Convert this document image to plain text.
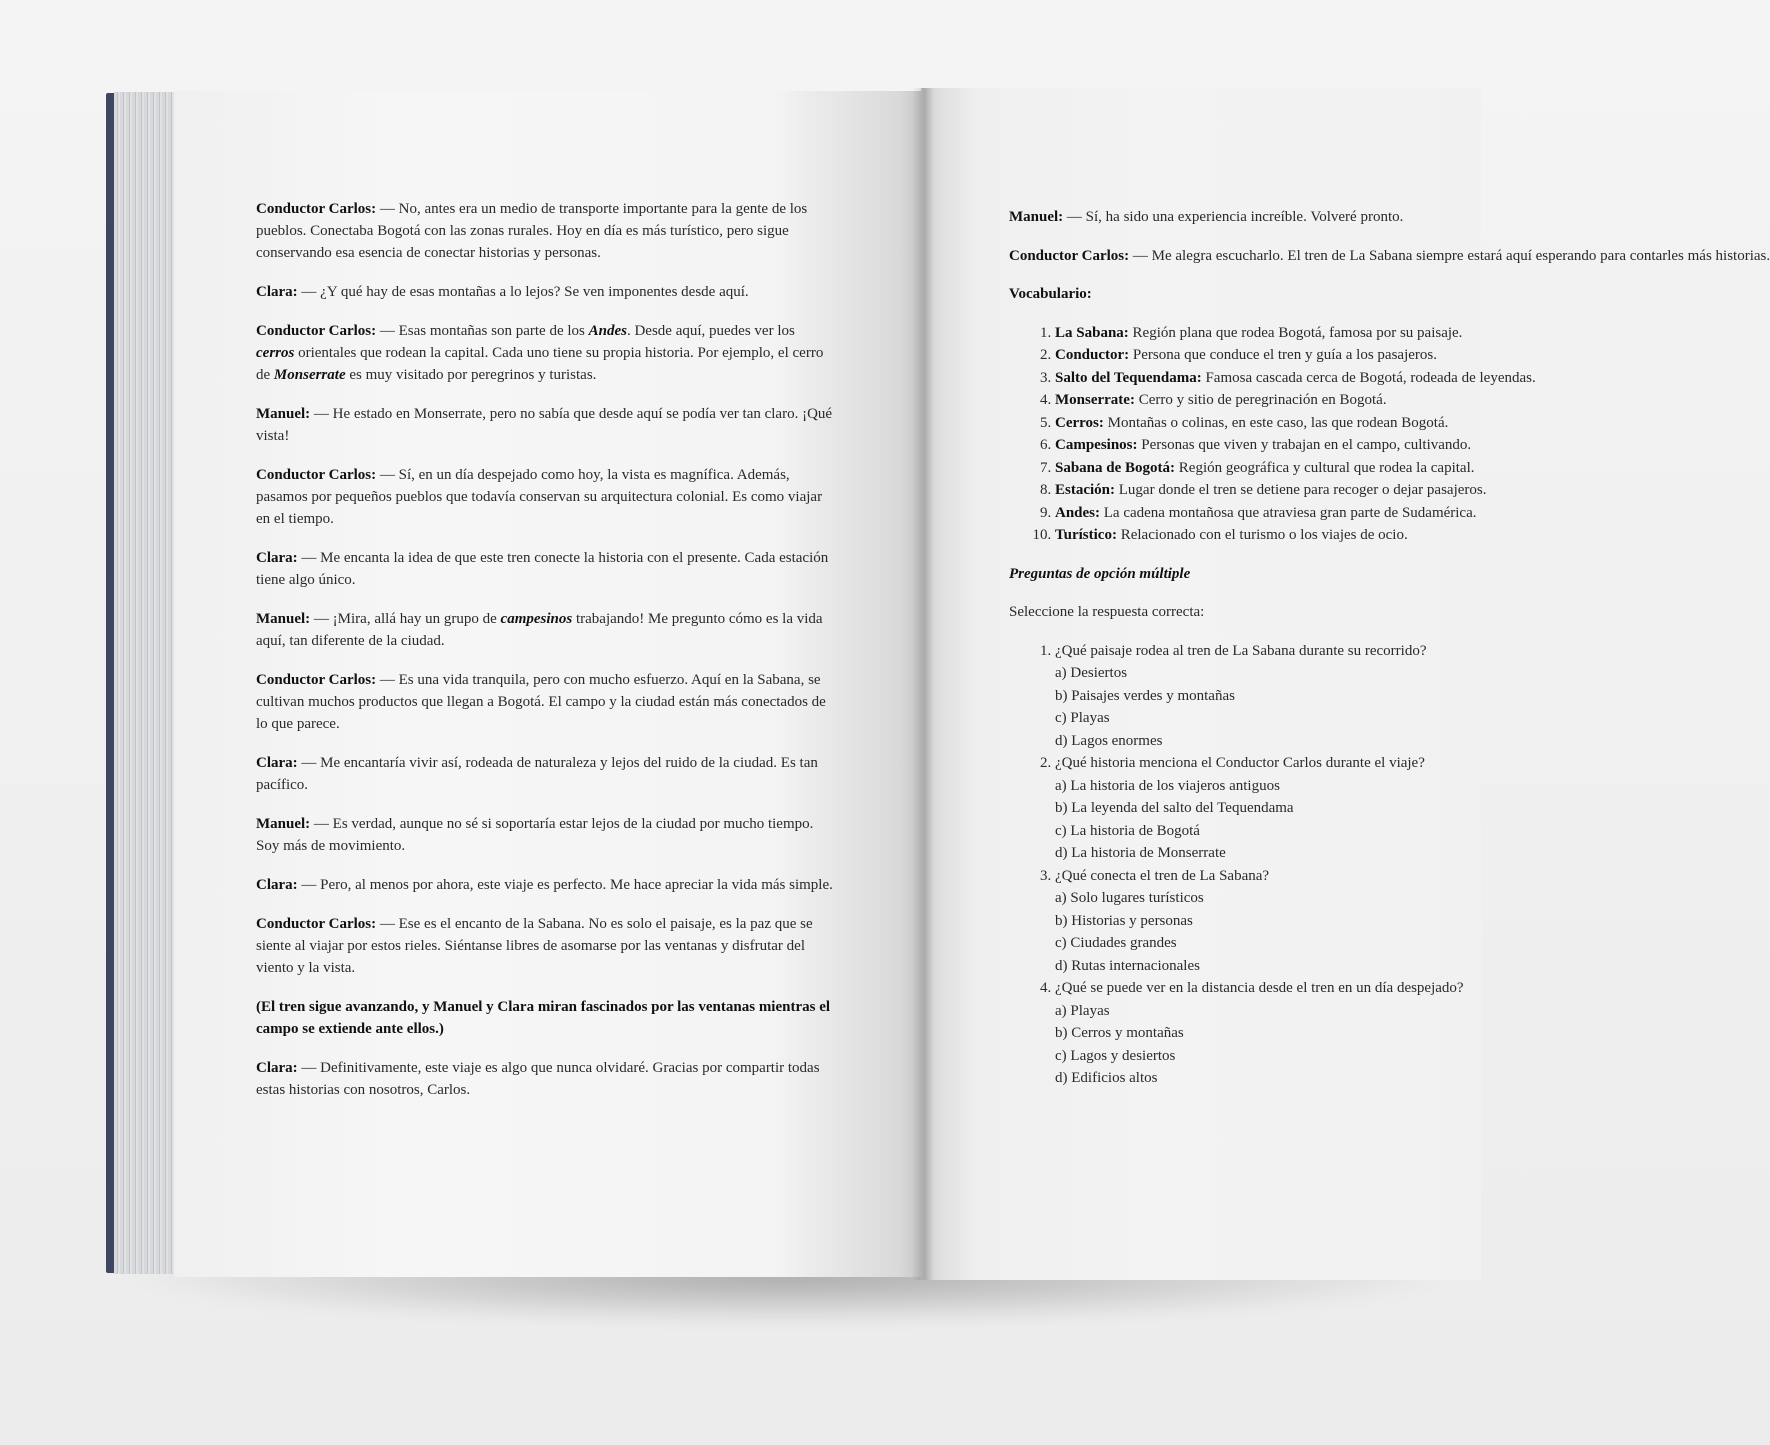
Manuel: — Sí, ha sido una experiencia increíble. Volveré pronto.

Conductor Carlos: — Me alegra escucharlo. El tren de La Sabana siempre estará aquí esperando para contarles más historias.

Vocabulario:

1. La Sabana: Región plana que rodea Bogotá, famosa por su paisaje.
2. Conductor: Persona que conduce el tren y guía a los pasajeros.
3. Salto del Tequendama: Famosa cascada cerca de Bogotá, rodeada de leyendas.
4. Monserrate: Cerro y sitio de peregrinación en Bogotá.
5. Cerros: Montañas o colinas, en este caso, las que rodean Bogotá.
6. Campesinos: Personas que viven y trabajan en el campo, cultivando.
7. Sabana de Bogotá: Región geográfica y cultural que rodea la capital.
8. Estación: Lugar donde el tren se detiene para recoger o dejar pasajeros.
9. Andes: La cadena montañosa que atraviesa gran parte de Sudamérica.
10. Turístico: Relacionado con el turismo o los viajes de ocio.

Preguntas de opción múltiple

Seleccione la respuesta correcta:

1. ¿Qué paisaje rodea al tren de La Sabana durante su recorrido?
a) Desiertos
b) Paisajes verdes y montañas
c) Playas
d) Lagos enormes
2. ¿Qué historia menciona el Conductor Carlos durante el viaje?
a) La historia de los viajeros antiguos
b) La leyenda del salto del Tequendama
c) La historia de Bogotá
d) La historia de Monserrate
3. ¿Qué conecta el tren de La Sabana?
a) Solo lugares turísticos
b) Historias y personas
c) Ciudades grandes
d) Rutas internacionales
4. ¿Qué se puede ver en la distancia desde el tren en un día despejado?
a) Playas
b) Cerros y montañas
c) Lagos y desiertos
d) Edificios altos

Conductor Carlos: — No, antes era un medio de transporte importante para la gente de los pueblos. Conectaba Bogotá con las zonas rurales. Hoy en día es más turístico, pero sigue conservando esa esencia de conectar historias y personas.

Clara: — ¿Y qué hay de esas montañas a lo lejos? Se ven imponentes desde aquí.

Conductor Carlos: — Esas montañas son parte de los Andes. Desde aquí, puedes ver los cerros orientales que rodean la capital. Cada uno tiene su propia historia. Por ejemplo, el cerro de Monserrate es muy visitado por peregrinos y turistas.

Manuel: — He estado en Monserrate, pero no sabía que desde aquí se podía ver tan claro. ¡Qué vista!

Conductor Carlos: — Sí, en un día despejado como hoy, la vista es magnífica. Además, pasamos por pequeños pueblos que todavía conservan su arquitectura colonial. Es como viajar en el tiempo.

Clara: — Me encanta la idea de que este tren conecte la historia con el presente. Cada estación tiene algo único.

Manuel: — ¡Mira, allá hay un grupo de campesinos trabajando! Me pregunto cómo es la vida aquí, tan diferente de la ciudad.

Conductor Carlos: — Es una vida tranquila, pero con mucho esfuerzo. Aquí en la Sabana, se cultivan muchos productos que llegan a Bogotá. El campo y la ciudad están más conectados de lo que parece.

Clara: — Me encantaría vivir así, rodeada de naturaleza y lejos del ruido de la ciudad. Es tan pacífico.

Manuel: — Es verdad, aunque no sé si soportaría estar lejos de la ciudad por mucho tiempo. Soy más de movimiento.

Clara: — Pero, al menos por ahora, este viaje es perfecto. Me hace apreciar la vida más simple.

Conductor Carlos: — Ese es el encanto de la Sabana. No es solo el paisaje, es la paz que se siente al viajar por estos rieles. Siéntanse libres de asomarse por las ventanas y disfrutar del viento y la vista.

(El tren sigue avanzando, y Manuel y Clara miran fascinados por las ventanas mientras el campo se extiende ante ellos.)

Clara: — Definitivamente, este viaje es algo que nunca olvidaré. Gracias por compartir todas estas historias con nosotros, Carlos.
